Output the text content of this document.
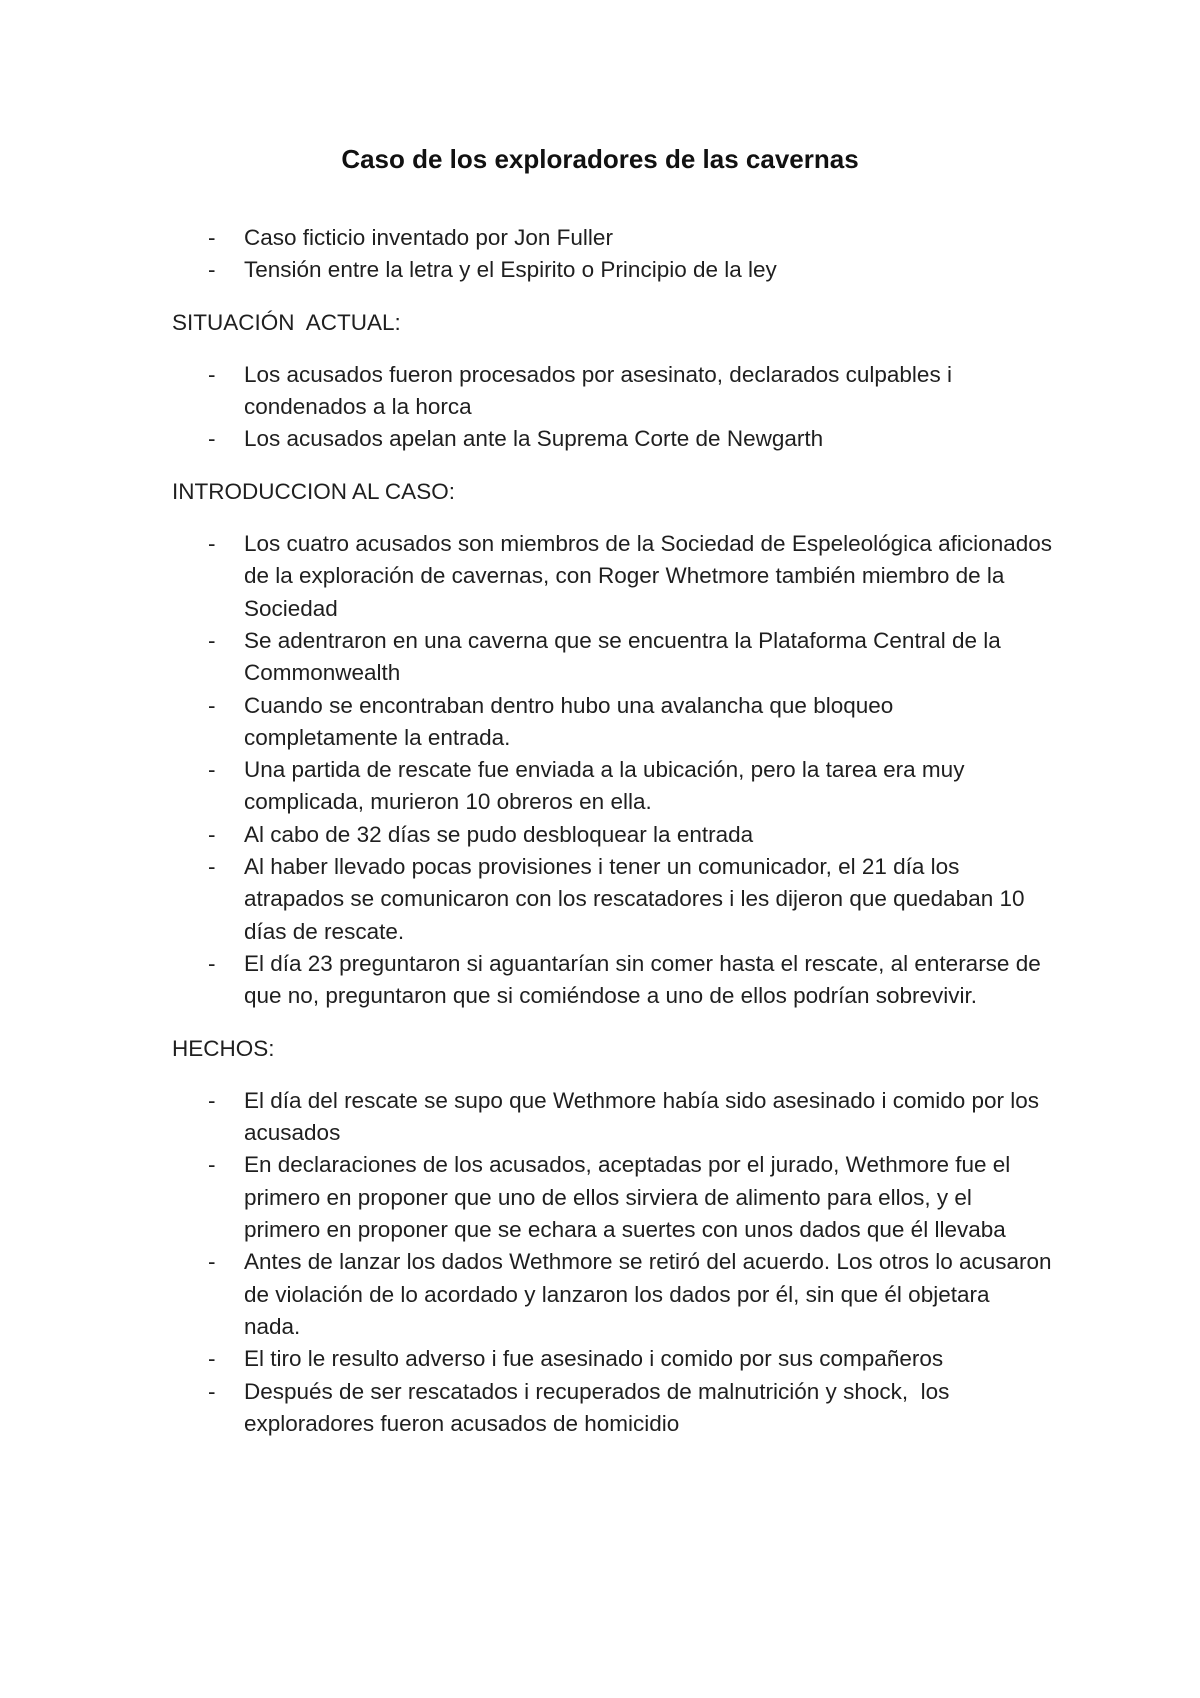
Caso de los exploradores de las cavernas
- Caso ficticio inventado por Jon Fuller
- Tensión entre la letra y el Espirito o Principio de la ley

SITUACIÓN  ACTUAL:

- Los acusados fueron procesados por asesinato, declarados culpables i condenados a la horca
- Los acusados apelan ante la Suprema Corte de Newgarth

INTRODUCCION AL CASO:

- Los cuatro acusados son miembros de la Sociedad de Espeleológica aficionados de la exploración de cavernas, con Roger Whetmore también miembro de la Sociedad
- Se adentraron en una caverna que se encuentra la Plataforma Central de la Commonwealth
- Cuando se encontraban dentro hubo una avalancha que bloqueo completamente la entrada.
- Una partida de rescate fue enviada a la ubicación, pero la tarea era muy complicada, murieron 10 obreros en ella.
- Al cabo de 32 días se pudo desbloquear la entrada
- Al haber llevado pocas provisiones i tener un comunicador, el 21 día los atrapados se comunicaron con los rescatadores i les dijeron que quedaban 10 días de rescate.
- El día 23 preguntaron si aguantarían sin comer hasta el rescate, al enterarse de que no, preguntaron que si comiéndose a uno de ellos podrían sobrevivir.

HECHOS:

- El día del rescate se supo que Wethmore había sido asesinado i comido por los acusados
- En declaraciones de los acusados, aceptadas por el jurado, Wethmore fue el primero en proponer que uno de ellos sirviera de alimento para ellos, y el primero en proponer que se echara a suertes con unos dados que él llevaba
- Antes de lanzar los dados Wethmore se retiró del acuerdo. Los otros lo acusaron de violación de lo acordado y lanzaron los dados por él, sin que él objetara nada.
- El tiro le resulto adverso i fue asesinado i comido por sus compañeros
- Después de ser rescatados i recuperados de malnutrición y shock,  los exploradores fueron acusados de homicidio
